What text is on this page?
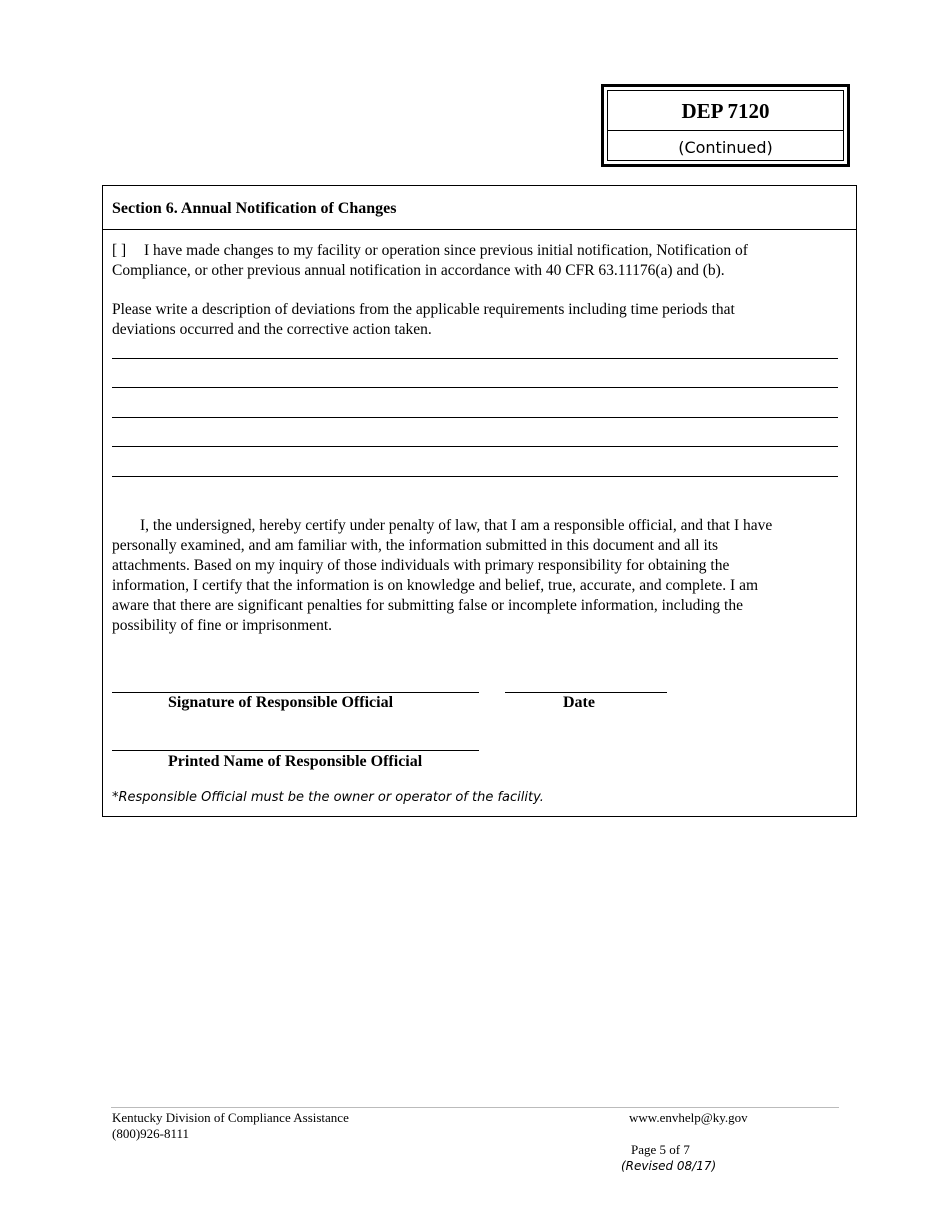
DEP 7120
(Continued)
Section 6. Annual Notification of Changes
[ ] I have made changes to my facility or operation since previous initial notification, Notification of
Compliance, or other previous annual notification in accordance with 40 CFR 63.11176(a) and (b).
Please write a description of deviations from the applicable requirements including time periods that
deviations occurred and the corrective action taken.
I, the undersigned, hereby certify under penalty of law, that I am a responsible official, and that I have
personally examined, and am familiar with, the information submitted in this document and all its
attachments. Based on my inquiry of those individuals with primary responsibility for obtaining the
information, I certify that the information is on knowledge and belief, true, accurate, and complete. I am
aware that there are significant penalties for submitting false or incomplete information, including the
possibility of fine or imprisonment.
Signature of Responsible Official	Date
Printed Name of Responsible Official
*Responsible Official must be the owner or operator of the facility.
Kentucky Division of Compliance Assistance
(800)926-8111
www.envhelp@ky.gov
Page 5 of 7
(Revised 08/17)
